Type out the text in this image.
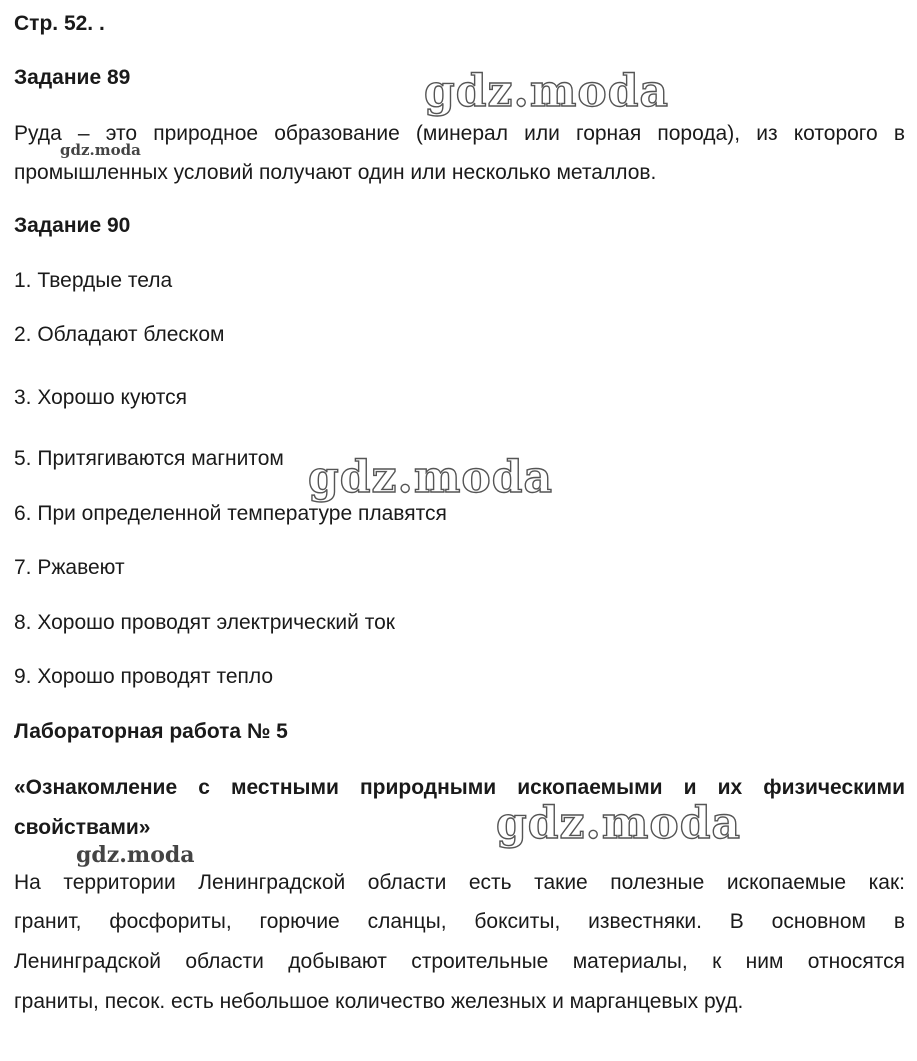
Стр. 52. .

Задание 89

Руда – это природное образование (минерал или горная порода), из которого в

промышленных условий получают один или несколько металлов.

Задание 90

1. Твердые тела

2. Обладают блеском

3. Хорошо куются

5. Притягиваются магнитом

6. При определенной температуре плавятся

7. Ржавеют

8. Хорошо проводят электрический ток

9. Хорошо проводят тепло

Лабораторная работа № 5

«Ознакомление с местными природными ископаемыми и их физическими

свойствами»

На территории Ленинградской области есть такие полезные ископаемые как:

гранит, фосфориты, горючие сланцы, бокситы, известняки. В основном в

Ленинградской области добывают строительные материалы, к ним относятся

граниты, песок. есть небольшое количество железных и марганцевых руд.

gdz.moda
gdz.moda
gdz.moda
gdz.moda
gdz.moda
